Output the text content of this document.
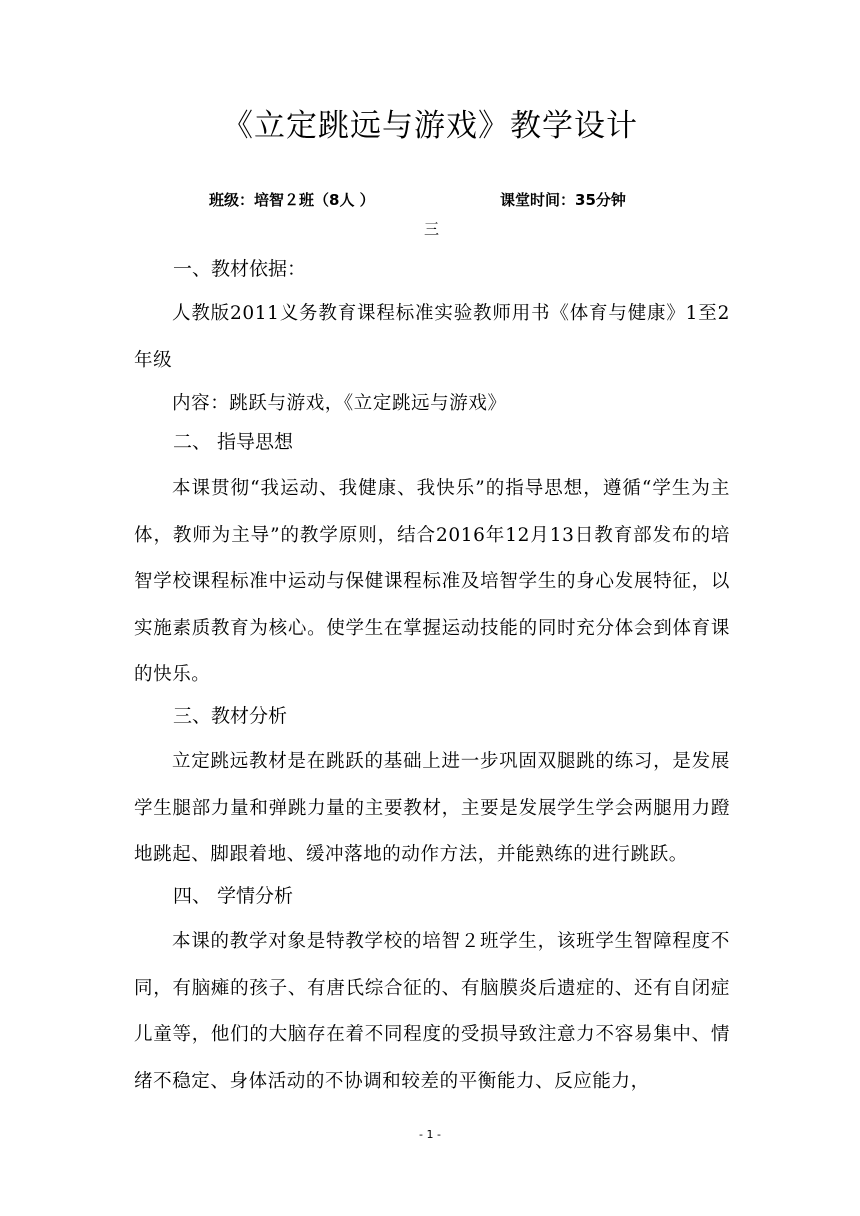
《立定跳远与游戏》教学设计
班级：培智２班（8人 ）	课堂时间：35分钟
三
一、教材依据：

人教版2011义务教育课程标准实验教师用书《体育与健康》1至2年级

内容：跳跃与游戏，《立定跳远与游戏》

二、 指导思想

本课贯彻“我运动、我健康、我快乐”的指导思想，遵循“学生为主体，教师为主导”的教学原则，结合2016年12月13日教育部发布的培智学校课程标准中运动与保健课程标准及培智学生的身心发展特征，以实施素质教育为核心。使学生在掌握运动技能的同时充分体会到体育课的快乐。

三、教材分析

立定跳远教材是在跳跃的基础上进一步巩固双腿跳的练习，是发展学生腿部力量和弹跳力量的主要教材，主要是发展学生学会两腿用力蹬地跳起、脚跟着地、缓冲落地的动作方法，并能熟练的进行跳跃。

四、 学情分析

本课的教学对象是特教学校的培智２班学生，该班学生智障程度不同，有脑瘫的孩子、有唐氏综合征的、有脑膜炎后遗症的、还有自闭症儿童等，他们的大脑存在着不同程度的受损导致注意力不容易集中、情绪不稳定、身体活动的不协调和较差的平衡能力、反应能力，

- 1 -
